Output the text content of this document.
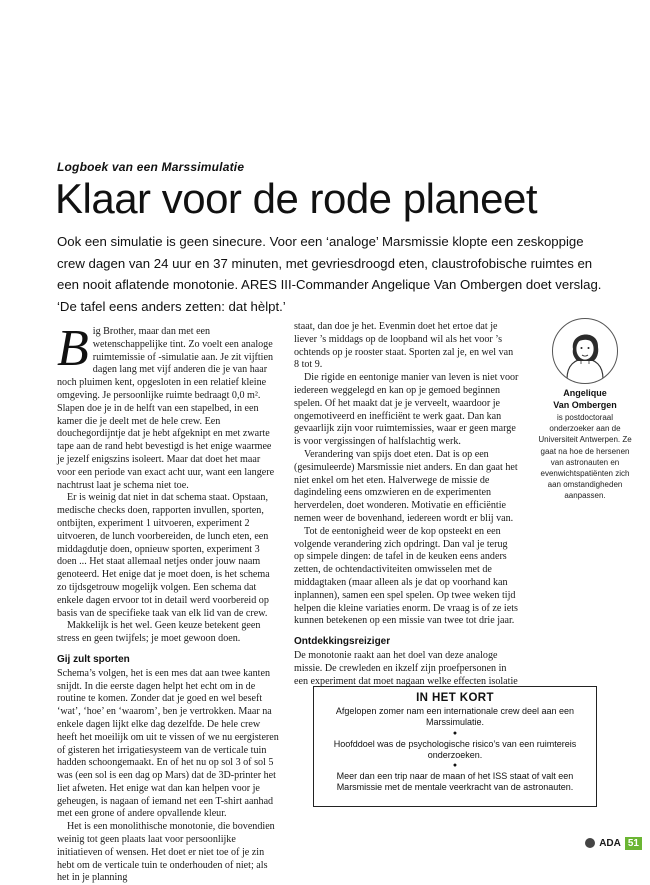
Logboek van een Marssimulatie
Klaar voor de rode planeet
Ook een simulatie is geen sinecure. Voor een ‘analoge’ Marsmissie klopte een zeskoppige crew dagen van 24 uur en 37 minuten, met gevriesdroogd eten, claustrofobische ruimtes en een nooit aflatende monotonie. ARES III-Commander Angelique Van Ombergen doet verslag. ‘De tafel eens anders zetten: dat hèlpt.’

Big Brother, maar dan met een wetenschappelijke tint. Zo voelt een analoge ruimtemissie of -simulatie aan. Je zit vijftien dagen lang met vijf anderen die je van haar noch pluimen kent, opgesloten in een relatief kleine omgeving. Je persoonlijke ruimte bedraagt 0,0 m². Slapen doe je in de helft van een stapelbed, in een kamer die je deelt met de hele crew. Een douchegordijntje dat je hebt afgeknipt en met zwarte tape aan de rand hebt bevestigd is het enige waarmee je jezelf enigszins isoleert. Maar dat doet het maar voor een periode van exact acht uur, want een langere nachtrust laat je schema niet toe.

Er is weinig dat niet in dat schema staat. Opstaan, medische checks doen, rapporten invullen, sporten, ontbijten, experiment 1 uitvoeren, experiment 2 uitvoeren, de lunch voorbereiden, de lunch eten, een middagdutje doen, opnieuw sporten, experiment 3 doen ... Het staat allemaal netjes onder jouw naam genoteerd. Het enige dat je moet doen, is het schema zo tijdsgetrouw mogelijk volgen. Een schema dat enkele dagen ervoor tot in detail werd voorbereid op basis van de specifieke taak van elk lid van de crew.

Makkelijk is het wel. Geen keuze betekent geen stress en geen twijfels; je moet gewoon doen.

Gij zult sporten

Schema’s volgen, het is een mes dat aan twee kanten snijdt. In die eerste dagen helpt het echt om in de routine te komen. Zonder dat je goed en wel beseft ‘wat’, ‘hoe’ en ‘waarom’, ben je vertrokken. Maar na enkele dagen lijkt elke dag dezelfde. De hele crew heeft het moeilijk om uit te vissen of we nu eergisteren of gisteren het irrigatiesysteem van de verticale tuin hadden schoongemaakt. En of het nu op sol 3 of sol 5 was (een sol is een dag op Mars) dat de 3D-printer het liet afweten. Het enige wat dan kan helpen voor je geheugen, is nagaan of iemand net een T-shirt aanhad met een grone of andere opvallende kleur.

Het is een monolithische monotonie, die bovendien weinig tot geen plaats laat voor persoonlijke initiatieven of wensen. Het doet er niet toe of je zin hebt om de verticale tuin te onderhouden of niet; als het in je planning

staat, dan doe je het. Evenmin doet het ertoe dat je liever ’s middags op de loopband wil als het voor ’s ochtends op je rooster staat. Sporten zal je, en wel van 8 tot 9.

Die rigide en eentonige manier van leven is niet voor iedereen weggelegd en kan op je gemoed beginnen spelen. Of het maakt dat je je verveelt, waardoor je ongemotiveerd en inefficiënt te werk gaat. Dan kan gevaarlijk zijn voor ruimtemissies, waar er geen marge is voor vergissingen of halfslachtig werk.

Verandering van spijs doet eten. Dat is op een (gesimuleerde) Marsmissie niet anders. En dan gaat het niet enkel om het eten. Halverwege de missie de dagindeling eens omzwieren en de experimenten herverdelen, doet wonderen. Motivatie en efficiëntie nemen weer de bovenhand, iedereen wordt er blij van.

Tot de eentonigheid weer de kop opsteekt en een volgende verandering zich opdringt. Dan val je terug op simpele dingen: de tafel in de keuken eens anders zetten, de ochtendactiviteiten omwisselen met de middagtaken (maar alleen als je dat op voorhand kan inplannen), samen een spel spelen. Op twee weken tijd helpen die kleine variaties enorm. De vraag is of ze iets kunnen betekenen op een missie van twee tot drie jaar.

Ontdekkingsreiziger

De monotonie raakt aan het doel van deze analoge missie. De crewleden en ikzelf zijn proefpersonen in een experiment dat moet nagaan welke effecten isolatie

Angelique
Van Ombergen
is postdoctoraal onderzoeker aan de Universiteit Antwerpen. Ze gaat na hoe de hersenen van astronauten en evenwichtspatiënten zich aan omstandigheden aanpassen.
IN HET KORT

Afgelopen zomer nam een internationale crew deel aan een Marssimulatie.

●

Hoofddoel was de psychologische risico’s van een ruimtereis onderzoeken.

●

Meer dan een trip naar de maan of het ISS staat of valt een Marsmissie met de mentale veerkracht van de astronauten.

ADA 51
